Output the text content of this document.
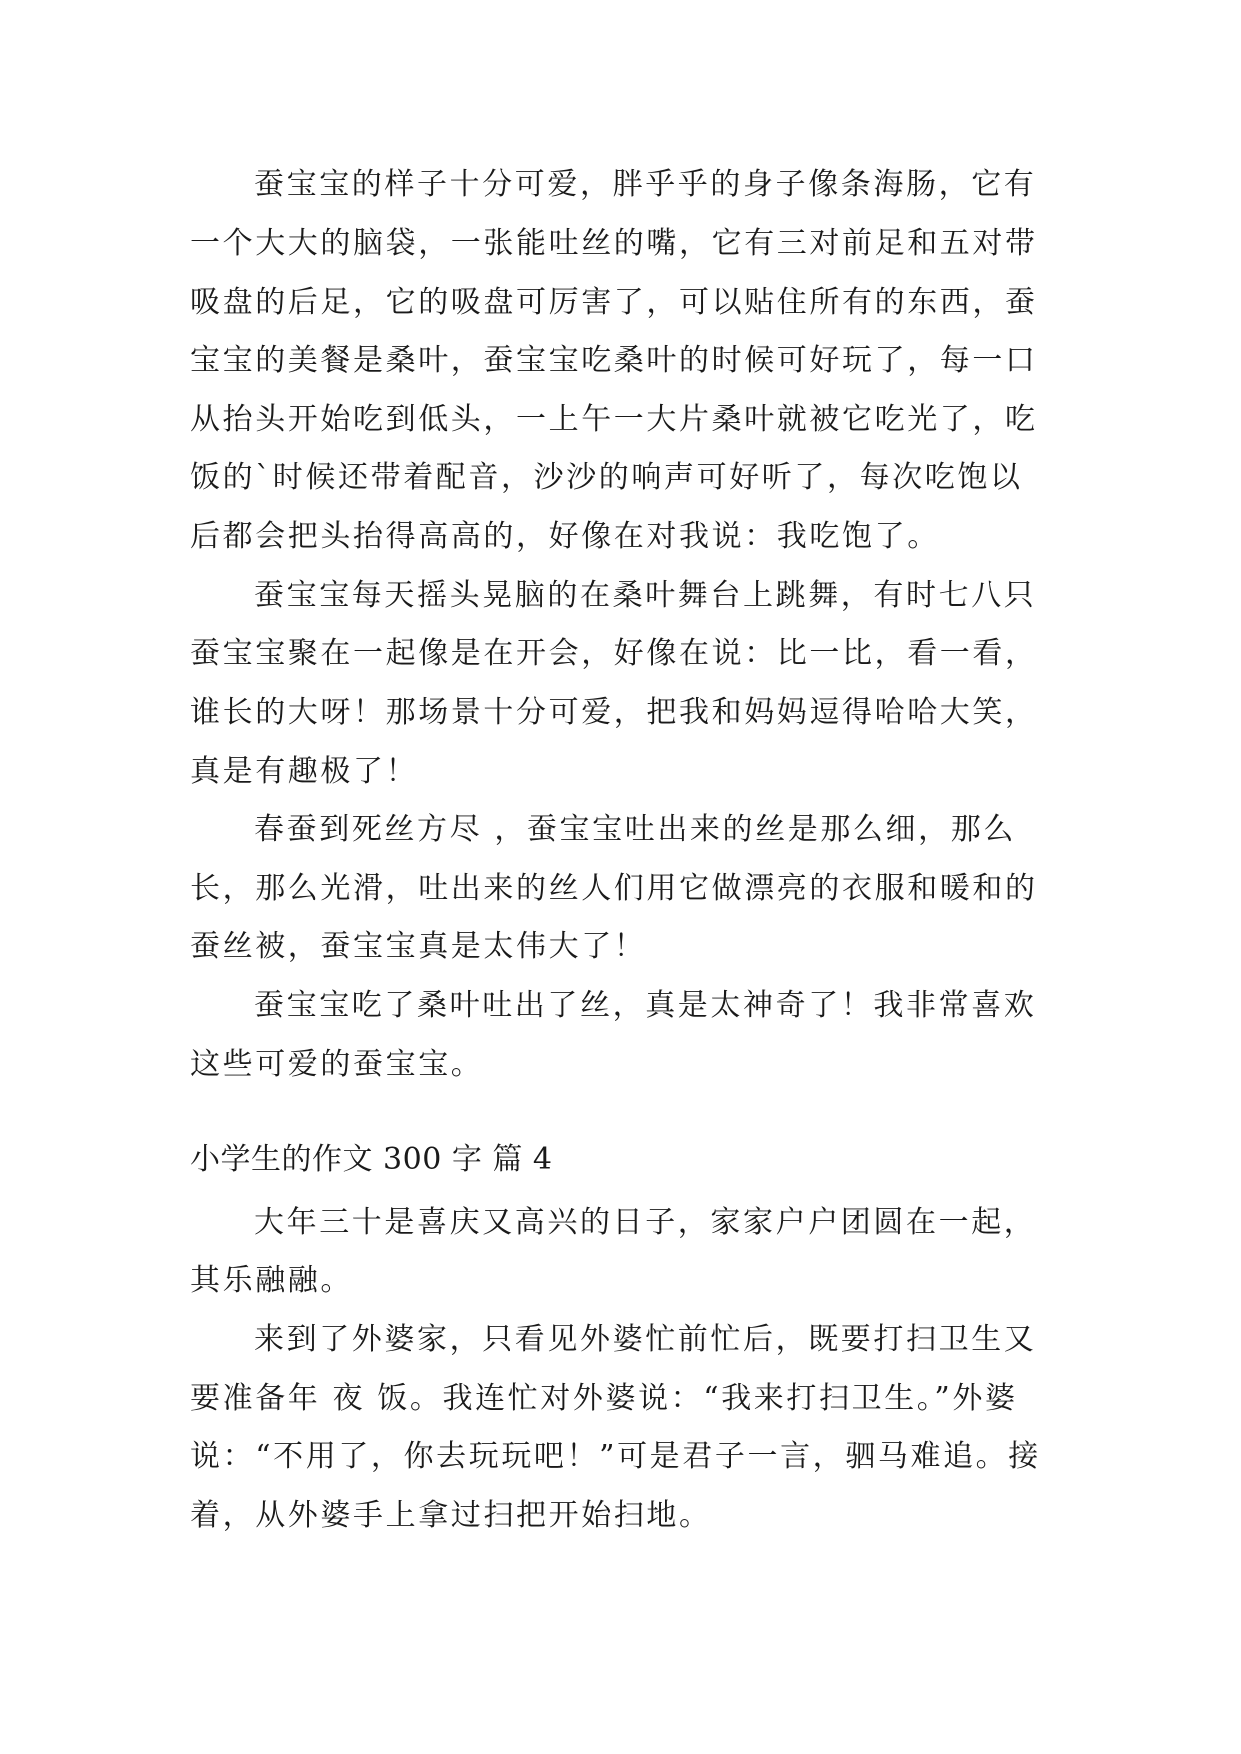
蚕宝宝的样子十分可爱，胖乎乎的身子像条海肠，它有
一个大大的脑袋，一张能吐丝的嘴，它有三对前足和五对带
吸盘的后足，它的吸盘可厉害了，可以贴住所有的东西，蚕
宝宝的美餐是桑叶，蚕宝宝吃桑叶的时候可好玩了，每一口
从抬头开始吃到低头，一上午一大片桑叶就被它吃光了，吃
饭的`时候还带着配音，沙沙的响声可好听了，每次吃饱以
后都会把头抬得高高的，好像在对我说：我吃饱了。
蚕宝宝每天摇头晃脑的在桑叶舞台上跳舞，有时七八只
蚕宝宝聚在一起像是在开会，好像在说：比一比，看一看，
谁长的大呀！那场景十分可爱，把我和妈妈逗得哈哈大笑，
真是有趣极了！
春蚕到死丝方尽 ，蚕宝宝吐出来的丝是那么细，那么
长，那么光滑，吐出来的丝人们用它做漂亮的衣服和暖和的
蚕丝被，蚕宝宝真是太伟大了！
蚕宝宝吃了桑叶吐出了丝，真是太神奇了！我非常喜欢
这些可爱的蚕宝宝。
小学生的作文 300 字 篇 4
大年三十是喜庆又高兴的日子，家家户户团圆在一起，
其乐融融。
来到了外婆家，只看见外婆忙前忙后，既要打扫卫生又
要准备年 夜 饭。我连忙对外婆说：“我来打扫卫生。”外婆
说：“不用了，你去玩玩吧！”可是君子一言，驷马难追。接
着，从外婆手上拿过扫把开始扫地。
